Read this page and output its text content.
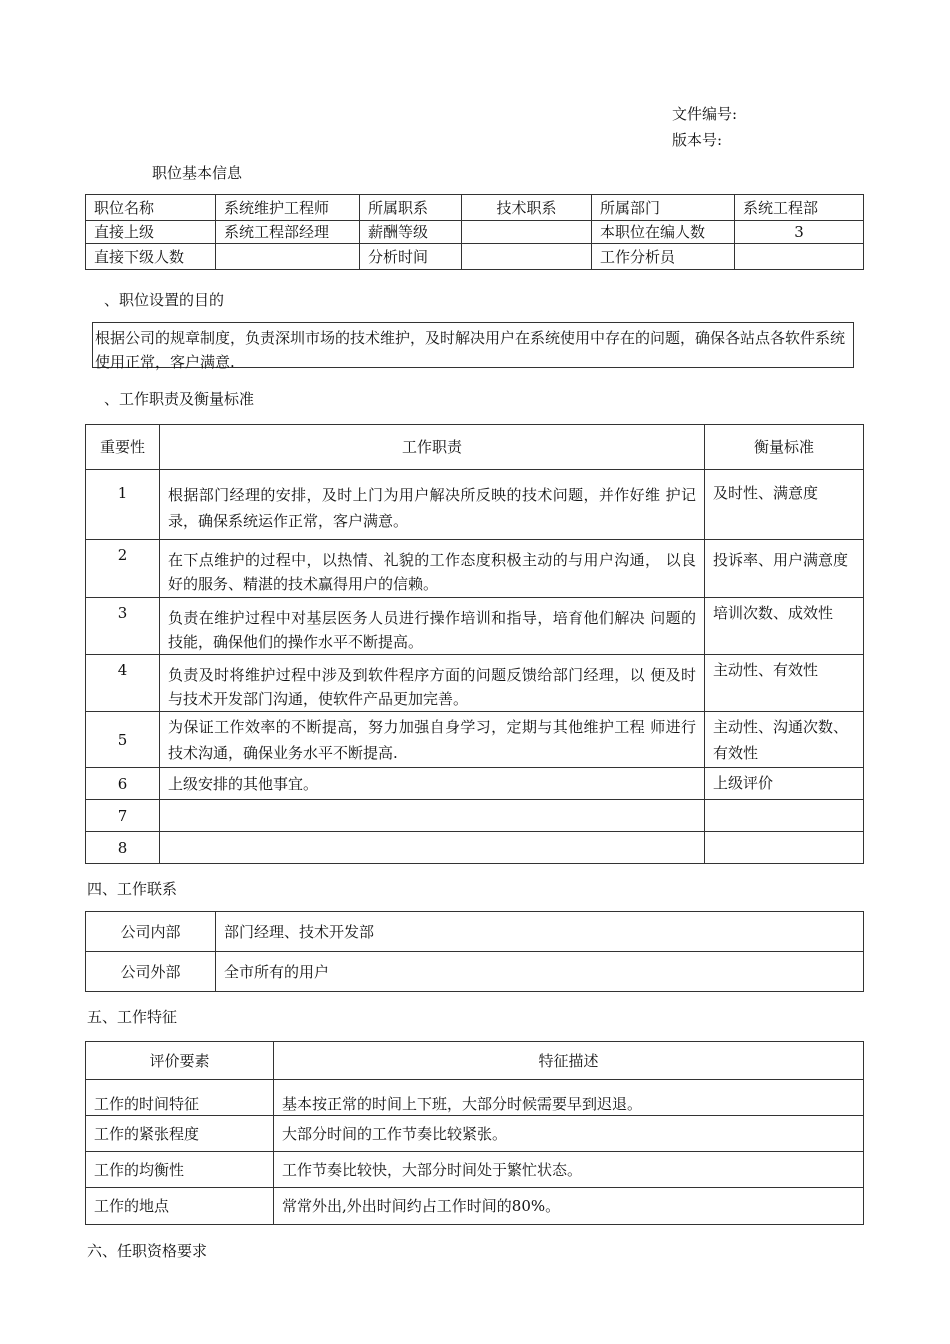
文件编号:
版本号:
职位基本信息
职位名称	系统维护工程师	所属职系	技术职系	所属部门	系统工程部
直接上级	系统工程部经理	薪酬等级		本职位在编人数	3
直接下级人数		分析时间		工作分析员	
、职位设置的目的
根据公司的规章制度，负责深圳市场的技术维护，及时解决用户在系统使用中存在的问题，确保各站点各软件系统使用正常，客户满意.
、工作职责及衡量标准
重要性	工作职责	衡量标准
1	根据部门经理的安排，及时上门为用户解决所反映的技术问题，并作好维 护记录，确保系统运作正常，客户满意。	及时性、满意度
2	在下点维护的过程中，以热情、礼貌的工作态度积极主动的与用户沟通， 以良好的服务、精湛的技术赢得用户的信赖。	投诉率、用户满意度
3	负责在维护过程中对基层医务人员进行操作培训和指导，培育他们解决 问题的技能，确保他们的操作水平不断提高。	培训次数、成效性
4	负责及时将维护过程中涉及到软件程序方面的问题反馈给部门经理，以 便及时与技术开发部门沟通，使软件产品更加完善。	主动性、有效性
5	为保证工作效率的不断提高，努力加强自身学习，定期与其他维护工程 师进行技术沟通，确保业务水平不断提高.	主动性、沟通次数、有效性
6	上级安排的其他事宜。	上级评价
7		
8		
四、工作联系
公司内部	部门经理、技术开发部
公司外部	全市所有的用户
五、工作特征
评价要素	特征描述
工作的时间特征	基本按正常的时间上下班，大部分时候需要早到迟退。
工作的紧张程度	大部分时间的工作节奏比较紧张。
工作的均衡性	工作节奏比较快，大部分时间处于繁忙状态。
工作的地点	常常外出,外出时间约占工作时间的80%。
六、任职资格要求
